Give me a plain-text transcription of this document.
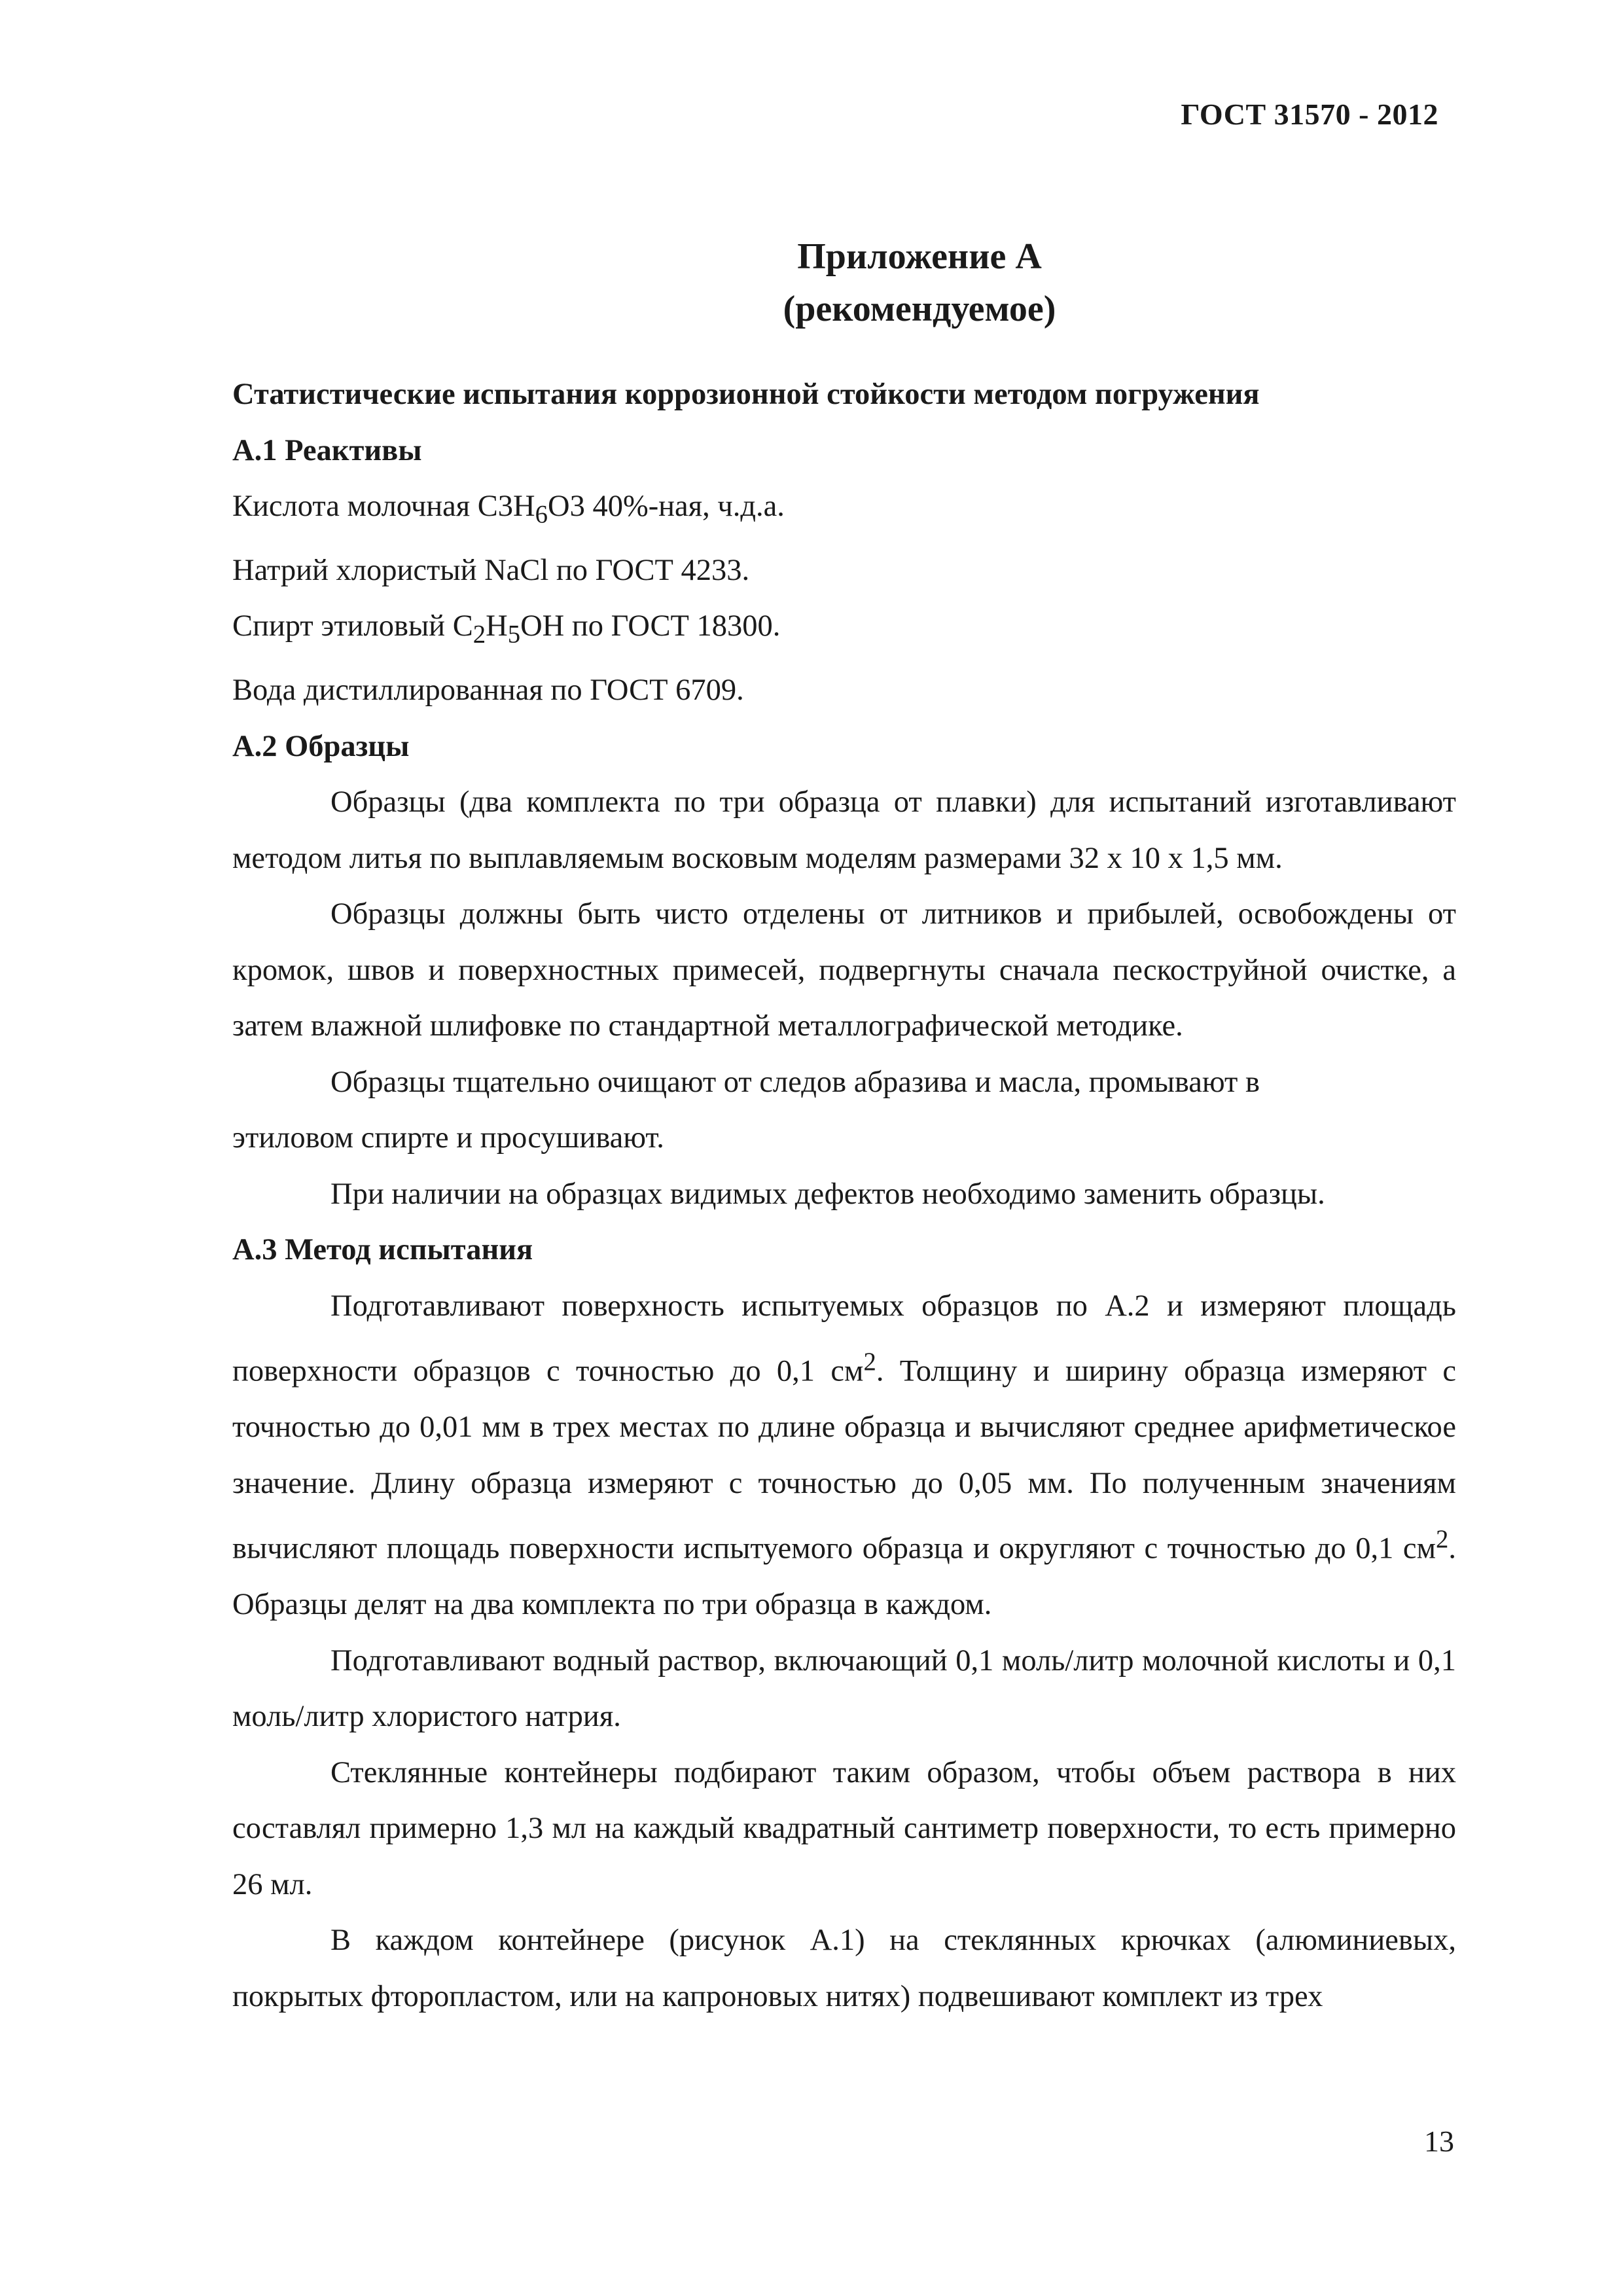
ГОСТ 31570 - 2012
Приложение А
(рекомендуемое)

Статистические испытания коррозионной стойкости методом погружения

А.1 Реактивы

Кислота молочная $С3Н_6О3$ 40%-ная, ч.д.а.

Натрий хлористый NaCl по ГОСТ 4233.

Спирт этиловый $С_2Н_5ОН$ по ГОСТ 18300.

Вода дистиллированная по ГОСТ 6709.

А.2 Образцы

Образцы (два комплекта по три образца от плавки) для испытаний изготавливают методом литья по выплавляемым восковым моделям размерами 32 х 10 х 1,5 мм.

Образцы должны быть чисто отделены от литников и прибылей, освобождены от кромок, швов и поверхностных примесей, подвергнуты сначала пескоструйной очистке, а затем влажной шлифовке по стандартной металлографической методике.

Образцы тщательно очищают от следов абразива и масла, промывают в

этиловом спирте и просушивают.

При наличии на образцах видимых дефектов необходимо заменить образцы.

А.3 Метод испытания

Подготавливают поверхность испытуемых образцов по А.2 и измеряют площадь поверхности образцов с точностью до 0,1 $см^2$. Толщину и ширину образца измеряют с точностью до 0,01 мм в трех местах по длине образца и вычисляют среднее арифметическое значение. Длину образца измеряют с точностью до 0,05 мм. По полученным значениям вычисляют площадь поверхности испытуемого образца и округляют с точностью до 0,1 $см^2$. Образцы делят на два комплекта по три образца в каждом.

Подготавливают водный раствор, включающий 0,1 моль/литр молочной кислоты и 0,1 моль/литр хлористого натрия.

Стеклянные контейнеры подбирают таким образом, чтобы объем раствора в них составлял примерно 1,3 мл на каждый квадратный сантиметр поверхности, то есть примерно 26 мл.

В каждом контейнере (рисунок А.1) на стеклянных крючках (алюминиевых, покрытых фторопластом, или на капроновых нитях) подвешивают комплект из трех

13
